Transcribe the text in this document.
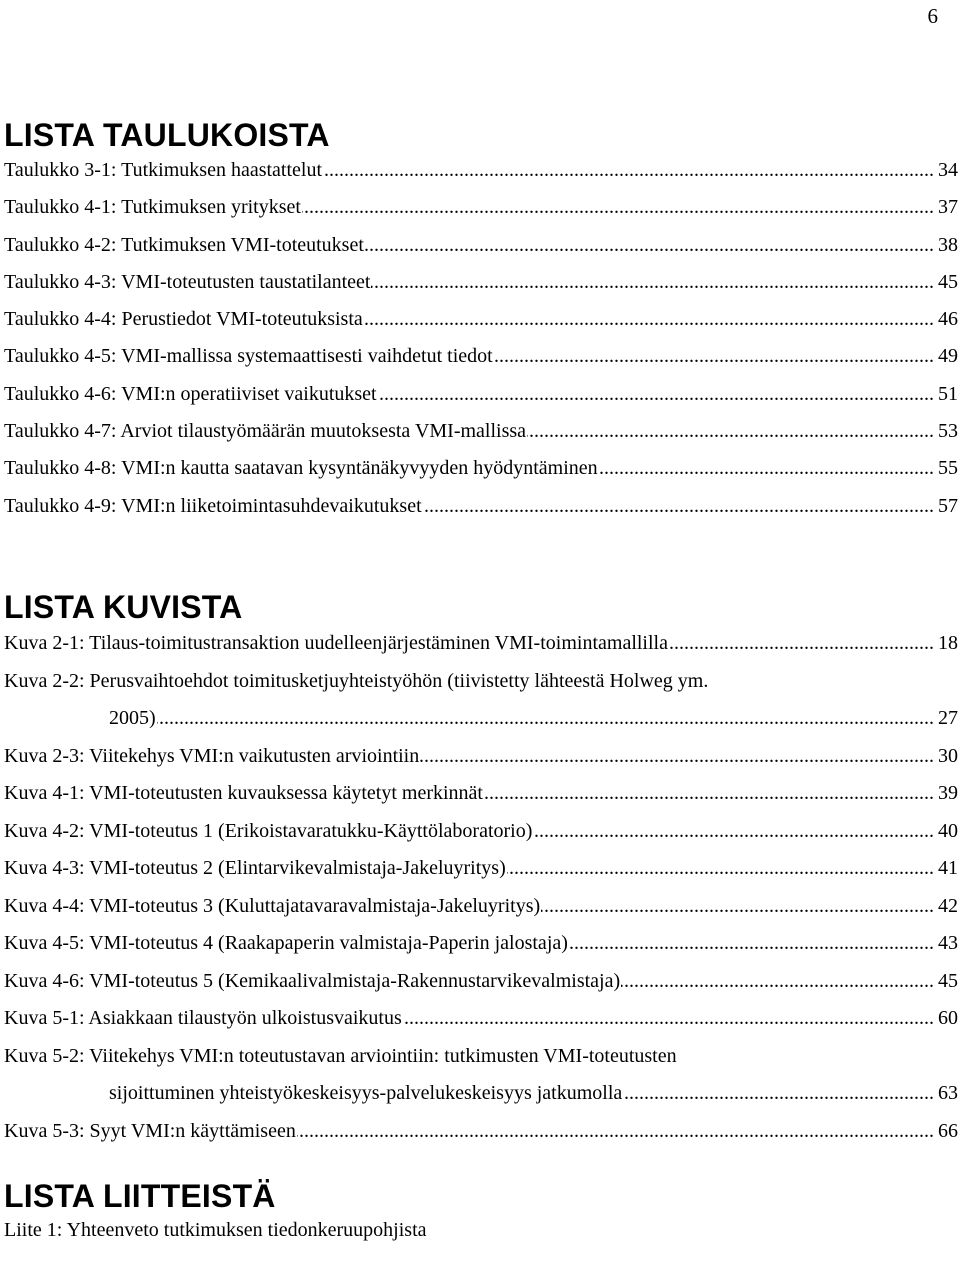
6
LISTA TAULUKOISTA
Taulukko 3-1: Tutkimuksen haastattelut .....	34
Taulukko 4-1: Tutkimuksen yritykset .....	37
Taulukko 4-2: Tutkimuksen VMI-toteutukset .....	38
Taulukko 4-3: VMI-toteutusten taustatilanteet .....	45
Taulukko 4-4: Perustiedot VMI-toteutuksista .....	46
Taulukko 4-5: VMI-mallissa systemaattisesti vaihdetut tiedot .....	49
Taulukko 4-6: VMI:n operatiiviset vaikutukset .....	51
Taulukko 4-7: Arviot tilaustyömäärän muutoksesta VMI-mallissa .....	53
Taulukko 4-8: VMI:n kautta saatavan kysyntänäkyvyyden hyödyntäminen .....	55
Taulukko 4-9: VMI:n liiketoimintasuhdevaikutukset .....	57
LISTA KUVISTA
Kuva 2-1: Tilaus-toimitustransaktion uudelleenjärjestäminen VMI-toimintamallilla .....	18
Kuva 2-2: Perusvaihtoehdot toimitusketjuyhteistyöhön (tiivistetty lähteestä Holweg ym.
2005) .....	27
Kuva 2-3: Viitekehys VMI:n vaikutusten arviointiin .....	30
Kuva 4-1: VMI-toteutusten kuvauksessa käytetyt merkinnät .....	39
Kuva 4-2: VMI-toteutus 1 (Erikoistavaratukku-Käyttölaboratorio) .....	40
Kuva 4-3: VMI-toteutus 2 (Elintarvikevalmistaja-Jakeluyritys) .....	41
Kuva 4-4: VMI-toteutus 3 (Kuluttajatavaravalmistaja-Jakeluyritys) .....	42
Kuva 4-5: VMI-toteutus 4 (Raakapaperin valmistaja-Paperin jalostaja) .....	43
Kuva 4-6: VMI-toteutus 5 (Kemikaalivalmistaja-Rakennustarvikevalmistaja) .....	45
Kuva 5-1: Asiakkaan tilaustyön ulkoistusvaikutus .....	60
Kuva 5-2: Viitekehys VMI:n toteutustavan arviointiin: tutkimusten VMI-toteutusten
sijoittuminen yhteistyökeskeisyys-palvelukeskeisyys jatkumolla .....	63
Kuva 5-3: Syyt VMI:n käyttämiseen .....	66
LISTA LIITTEISTÄ
Liite 1: Yhteenveto tutkimuksen tiedonkeruupohjista
